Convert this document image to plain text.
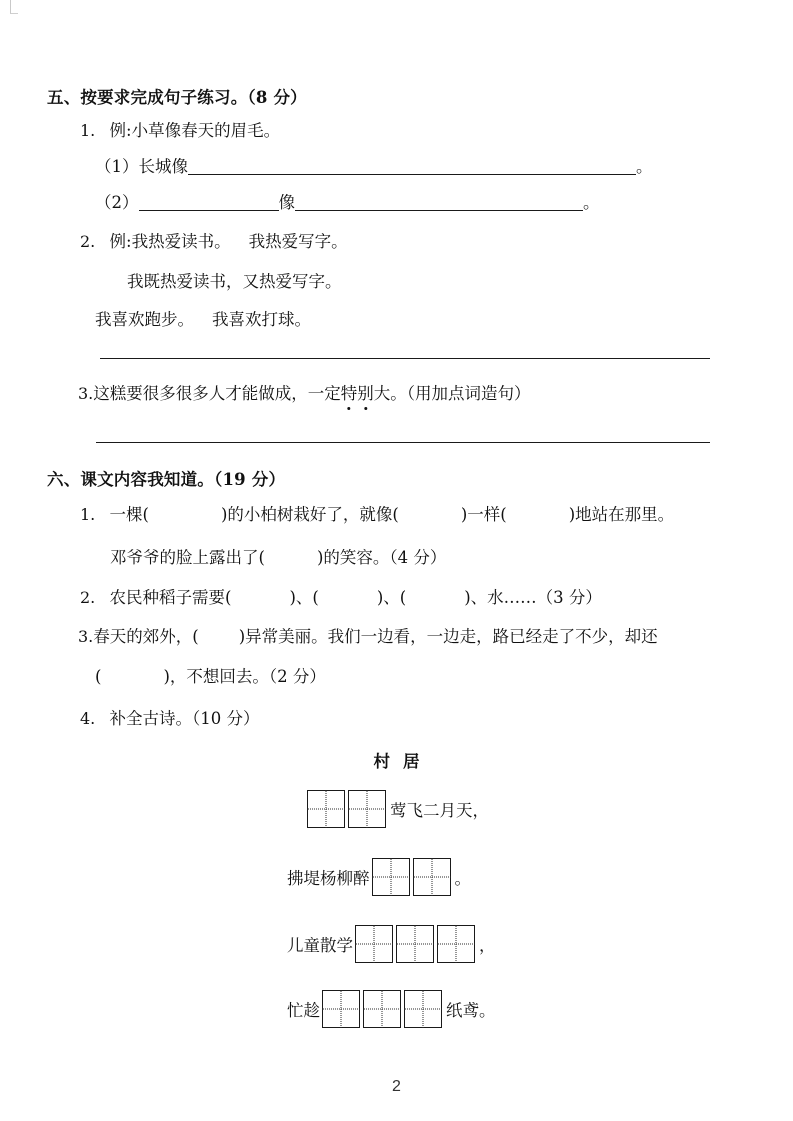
五、按要求完成句子练习。（8 分）
1. 例:小草像春天的眉毛。
（1）长城像	。
（2）	像	。
2. 例:我热爱读书。 我热爱写字。
我既热爱读书，又热爱写字。
我喜欢跑步。 我喜欢打球。
3.这糕要很多很多人才能做成，一定特别大。（用加点词造句）
六、课文内容我知道。（19 分）
1. 一棵(	)的小柏树栽好了，就像(	)一样(	)地站在那里。
邓爷爷的脸上露出了(	)的笑容。（4 分）
2. 农民种稻子需要(	)、(	)、(	)、水……（3 分）
3.春天的郊外，( )异常美丽。我们一边看，一边走，路已经走了不少，却还
(	)，不想回去。（2 分）
4. 补全古诗。（10 分）
村 居
莺飞二月天，
拂堤杨柳醉	。
儿童散学	，
忙趁	纸鸢。
2
